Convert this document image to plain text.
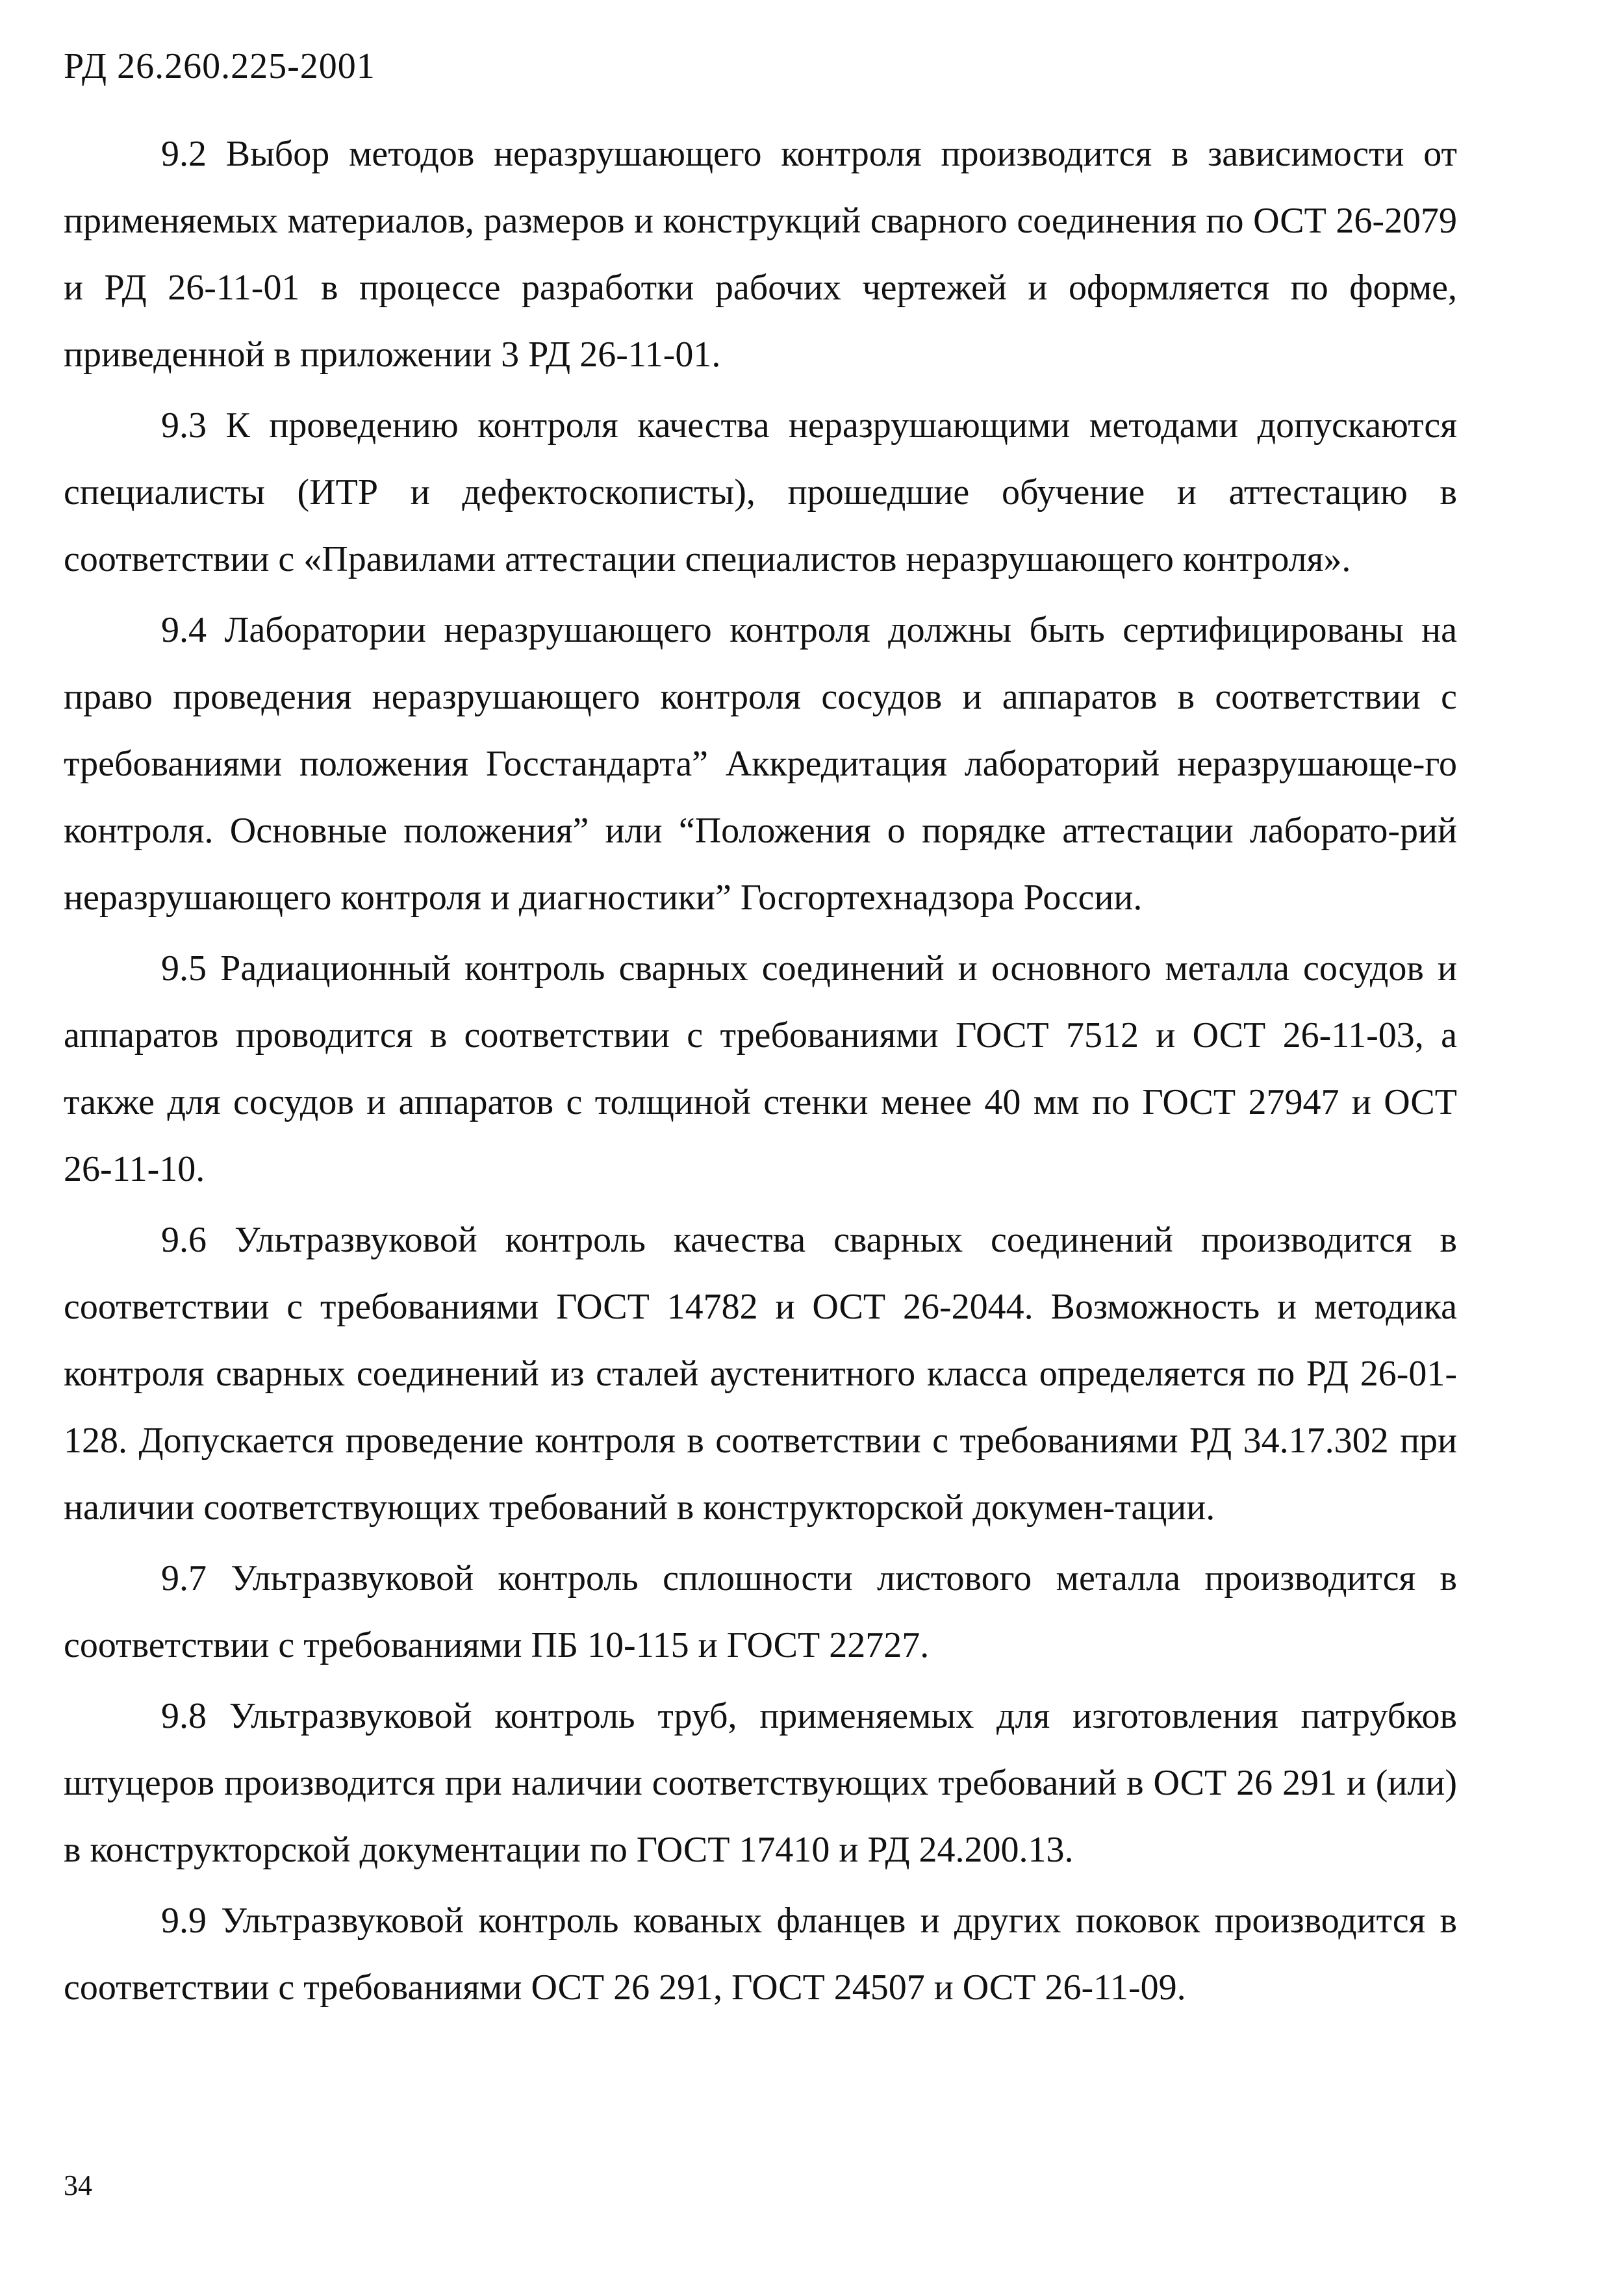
РД 26.260.225-2001

9.2 Выбор методов неразрушающего контроля производится в зависимости от применяемых материалов, размеров и конструкций сварного соединения по ОСТ 26-2079 и РД 26-11-01 в процессе разработки рабочих чертежей и оформляется по форме, приведенной в приложении 3 РД 26-11-01.

9.3 К проведению контроля качества неразрушающими методами допускаются специалисты (ИТР и дефектоскописты), прошедшие обучение и аттестацию в соответствии с «Правилами аттестации специалистов неразрушающего контроля».

9.4 Лаборатории неразрушающего контроля должны быть сертифицированы на право проведения неразрушающего контроля сосудов и аппаратов в соответствии с требованиями положения Госстандарта” Аккредитация лабораторий неразрушающе-го контроля. Основные положения” или “Положения о порядке аттестации лаборато-рий неразрушающего контроля и диагностики” Госгортехнадзора России.

9.5 Радиационный контроль сварных соединений и основного металла сосудов и аппаратов проводится в соответствии с требованиями ГОСТ 7512 и ОСТ 26-11-03, а также для сосудов и аппаратов с толщиной стенки менее 40 мм по ГОСТ 27947 и ОСТ 26-11-10.

9.6 Ультразвуковой контроль качества сварных соединений производится в соответствии с требованиями ГОСТ 14782 и ОСТ 26-2044. Возможность и методика контроля сварных соединений из сталей аустенитного класса определяется по РД 26-01-128. Допускается проведение контроля в соответствии с требованиями РД 34.17.302 при наличии соответствующих требований в конструкторской докумен-тации.

9.7 Ультразвуковой контроль сплошности листового металла производится в соответствии с требованиями ПБ 10-115 и ГОСТ 22727.

9.8 Ультразвуковой контроль труб, применяемых для изготовления патрубков штуцеров производится при наличии соответствующих требований в ОСТ 26 291 и (или) в конструкторской документации по ГОСТ 17410 и РД 24.200.13.

9.9 Ультразвуковой контроль кованых фланцев и других поковок производится в соответствии с требованиями ОСТ 26 291, ГОСТ 24507 и ОСТ 26-11-09.

34
